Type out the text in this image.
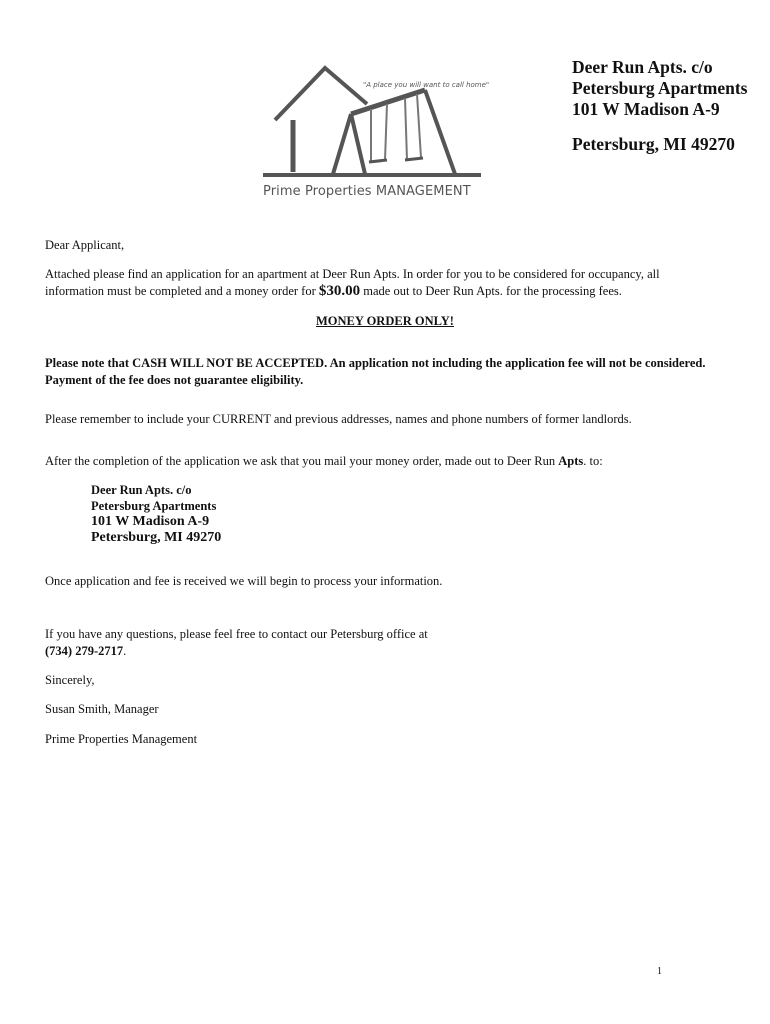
"A place you will want to call home"
Prime Properties MANAGEMENT
Deer Run Apts. c/o
Petersburg Apartments
101 W Madison A-9
Petersburg, MI 49270
Dear Applicant,
Attached please find an application for an apartment at Deer Run Apts. In order for you to be considered for occupancy, all information must be completed and a money order for $30.00 made out to Deer Run Apts. for the processing fees.
MONEY ORDER ONLY!
Please note that CASH WILL NOT BE ACCEPTED. An application not including the application fee will not be considered.
Payment of the fee does not guarantee eligibility.
Please remember to include your CURRENT and previous addresses, names and phone numbers of former landlords.
After the completion of the application we ask that you mail your money order, made out to Deer Run Apts. to:
Deer Run Apts. c/o
Petersburg Apartments
101 W Madison A-9
Petersburg, MI 49270
Once application and fee is received we will begin to process your information.
If you have any questions, please feel free to contact our Petersburg office at
(734) 279-2717.
Sincerely,
Susan Smith, Manager
Prime Properties Management
1
